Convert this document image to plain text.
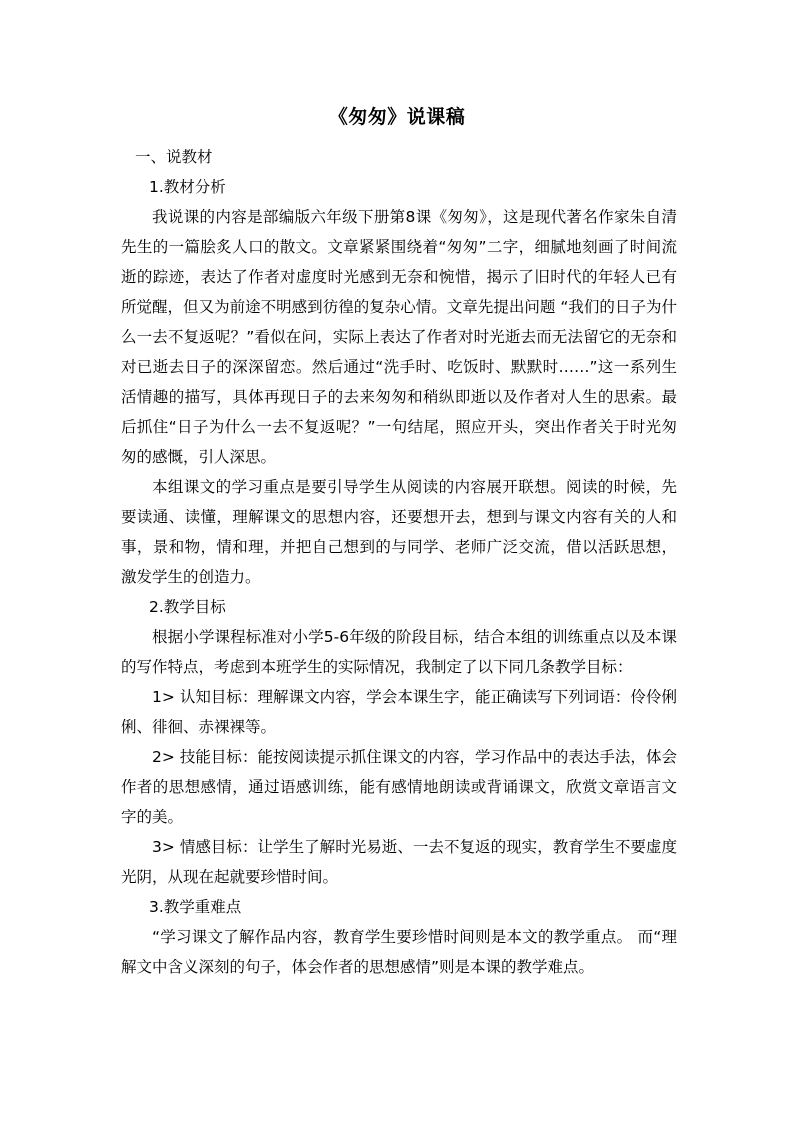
《匆匆》说课稿

一、说教材

1.教材分析

我说课的内容是部编版六年级下册第8课《匆匆》，这是现代著名作家朱自清先生的一篇脍炙人口的散文。文章紧紧围绕着“匆匆”二字，细腻地刻画了时间流逝的踪迹，表达了作者对虚度时光感到无奈和惋惜，揭示了旧时代的年轻人已有所觉醒，但又为前途不明感到彷徨的复杂心情。文章先提出问题 “我们的日子为什么一去不复返呢？”看似在问，实际上表达了作者对时光逝去而无法留它的无奈和对已逝去日子的深深留恋。然后通过“洗手时、吃饭时、默默时……”这一系列生活情趣的描写，具体再现日子的去来匆匆和稍纵即逝以及作者对人生的思索。最后抓住“日子为什么一去不复返呢？”一句结尾，照应开头，突出作者关于时光匆匆的感慨，引人深思。

本组课文的学习重点是要引导学生从阅读的内容展开联想。阅读的时候，先要读通、读懂，理解课文的思想内容，还要想开去，想到与课文内容有关的人和事，景和物，情和理，并把自己想到的与同学、老师广泛交流，借以活跃思想，激发学生的创造力。

2.教学目标

根据小学课程标准对小学5-6年级的阶段目标，结合本组的训练重点以及本课的写作特点，考虑到本班学生的实际情况，我制定了以下同几条教学目标：

1> 认知目标：理解课文内容，学会本课生字，能正确读写下列词语：伶伶俐俐、徘徊、赤裸裸等。

2> 技能目标：能按阅读提示抓住课文的内容，学习作品中的表达手法，体会作者的思想感情，通过语感训练，能有感情地朗读或背诵课文，欣赏文章语言文字的美。

3> 情感目标：让学生了解时光易逝、一去不复返的现实，教育学生不要虚度光阴，从现在起就要珍惜时间。

3.教学重难点

“学习课文了解作品内容，教育学生要珍惜时间则是本文的教学重点。 而“理解文中含义深刻的句子，体会作者的思想感情”则是本课的教学难点。
